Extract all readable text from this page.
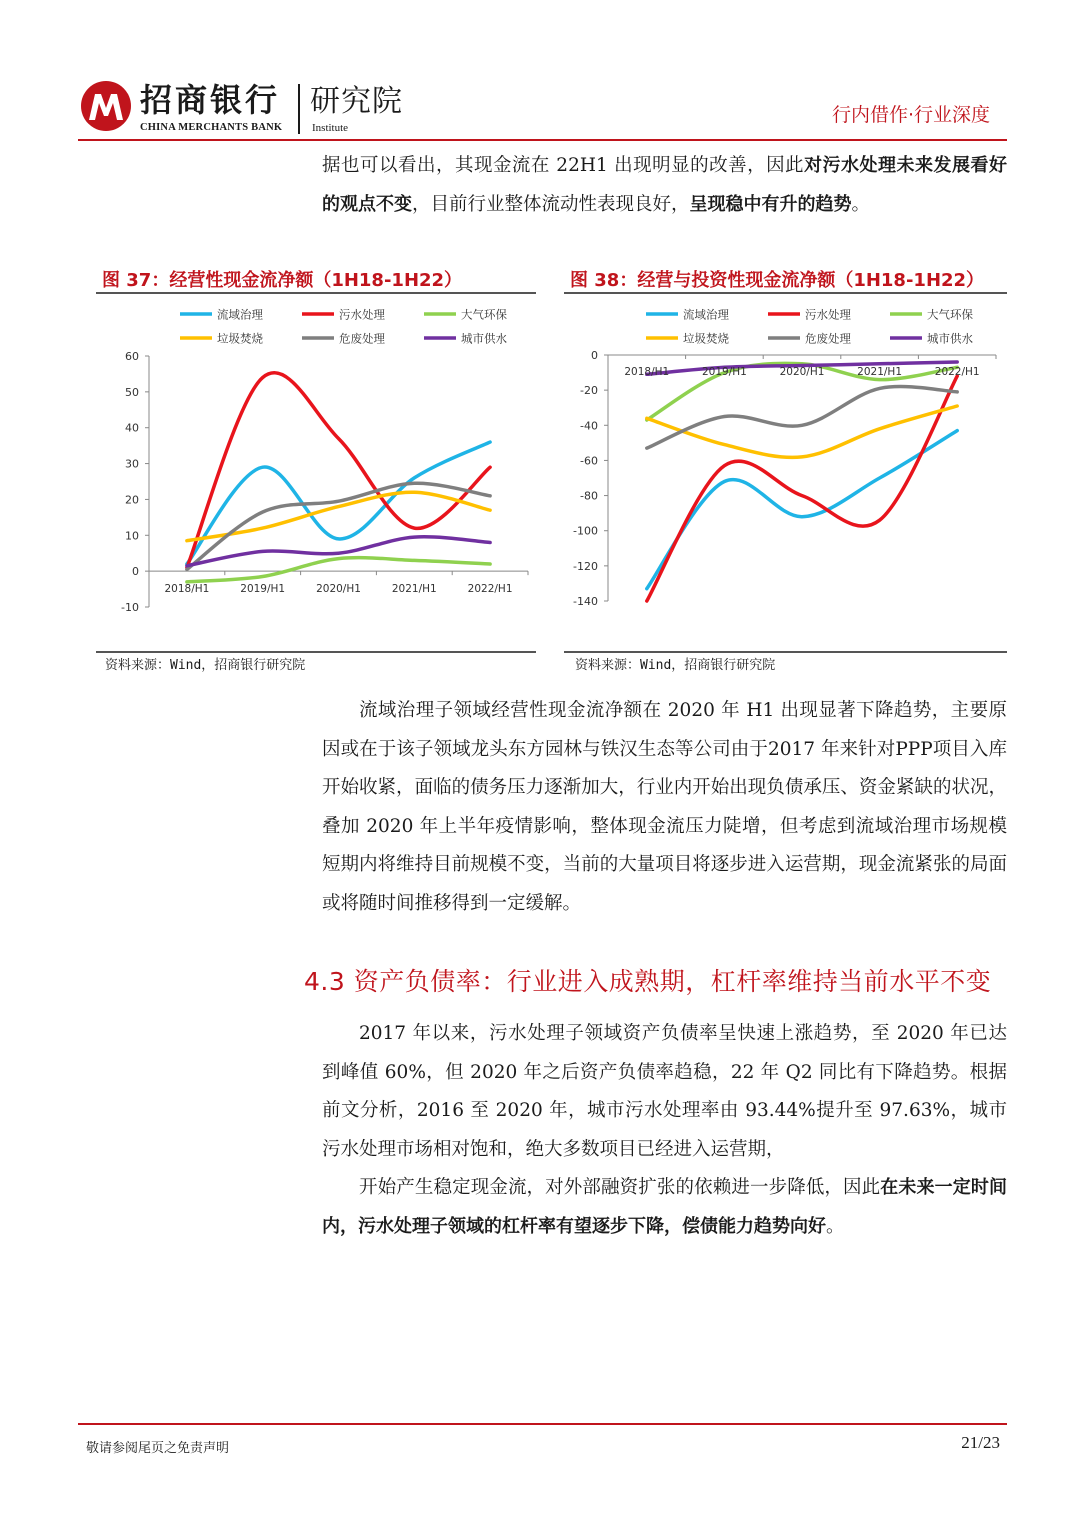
招商银行
CHINA MERCHANTS BANK
研究院
Institute
行内借作·行业深度
据也可以看出，其现金流在 22H1 出现明显的改善，因此对污水处理未来发展看好的观点不变，目前行业整体流动性表现良好，呈现稳中有升的趋势。
图 37：经营性现金流净额（1H18-1H22）
流域治理	污水处理	大气环保
垃圾焚烧	危废处理	城市供水
-10
0
10
20
30
40
50
60
2018/H1	2019/H1	2020/H1	2021/H1	2022/H1
资料来源：Wind，招商银行研究院
图 38：经营与投资性现金流净额（1H18-1H22）
流域治理	污水处理	大气环保
垃圾焚烧	危废处理	城市供水
0
-20
-40
-60
-80
-100
-120
-140
2018/H1	2019/H1	2020/H1	2021/H1	2022/H1
资料来源：Wind，招商银行研究院
流域治理子领域经营性现金流净额在 2020 年 H1 出现显著下降趋势，主要原因或在于该子领域龙头东方园林与铁汉生态等公司由于2017 年来针对PPP项目入库开始收紧，面临的债务压力逐渐加大，行业内开始出现负债承压、资金紧缺的状况，叠加 2020 年上半年疫情影响，整体现金流压力陡增，但考虑到流域治理市场规模短期内将维持目前规模不变，当前的大量项目将逐步进入运营期，现金流紧张的局面或将随时间推移得到一定缓解。
4.3 资产负债率：行业进入成熟期，杠杆率维持当前水平不变
2017 年以来，污水处理子领域资产负债率呈快速上涨趋势，至 2020 年已达到峰值 60%，但 2020 年之后资产负债率趋稳，22 年 Q2 同比有下降趋势。根据前文分析，2016 至 2020 年，城市污水处理率由 93.44%提升至 97.63%，城市污水处理市场相对饱和，绝大多数项目已经进入运营期，
开始产生稳定现金流，对外部融资扩张的依赖进一步降低，因此在未来一定时间内，污水处理子领域的杠杆率有望逐步下降，偿债能力趋势向好。
敬请参阅尾页之免责声明	21/23
